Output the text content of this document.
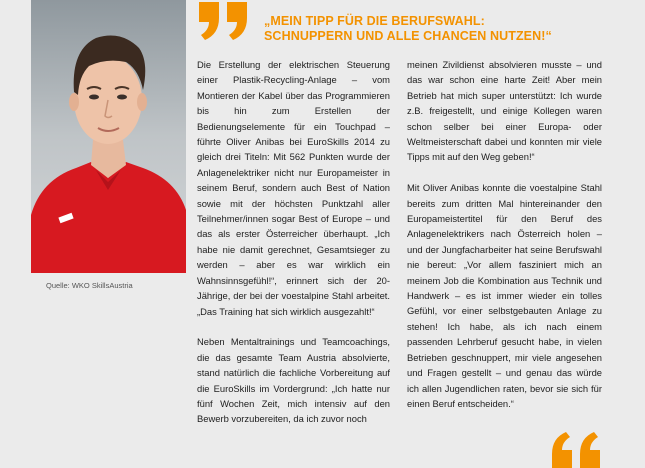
Quelle: WKO SkillsAustria
„MEIN TIPP FÜR DIE BERUFSWAHL:
SCHNUPPERN UND ALLE CHANCEN NUTZEN!“

Die Erstellung der elektrischen Steuerung einer Plastik-Recycling-Anlage – vom Montieren der Kabel über das Programmieren bis hin zum Erstellen der Bedienungselemente für ein Touchpad – führte Oliver Anibas bei EuroSkills 2014 zu gleich drei Titeln: Mit 562 Punkten wurde der Anlagenelektriker nicht nur Europameister in seinem Beruf, sondern auch Best of Nation sowie mit der höchsten Punktzahl aller Teilnehmer/innen sogar Best of Europe – und das als erster Österreicher überhaupt. „Ich habe nie damit gerechnet, Gesamtsieger zu werden – aber es war wirklich ein Wahnsinnsgefühl!“, erinnert sich der 20-Jährige, der bei der voestalpine Stahl arbeitet. „Das Training hat sich wirklich ausgezahlt!“

Neben Mentaltrainings und Teamcoachings, die das gesamte Team Austria absolvierte, stand natürlich die fachliche Vorbereitung auf die EuroSkills im Vordergrund: „Ich hatte nur fünf Wochen Zeit, mich intensiv auf den Bewerb vorzubereiten, da ich zuvor noch

meinen Zivildienst absolvieren musste – und das war schon eine harte Zeit! Aber mein Betrieb hat mich super unterstützt: Ich wurde z.B. freigestellt, und einige Kollegen waren schon selber bei einer Europa- oder Weltmeisterschaft dabei und konnten mir viele Tipps mit auf den Weg geben!“

Mit Oliver Anibas konnte die voestalpine Stahl bereits zum dritten Mal hintereinander den Europameistertitel für den Beruf des Anlagenelektrikers nach Österreich holen – und der Jungfacharbeiter hat seine Berufswahl nie bereut: „Vor allem fasziniert mich an meinem Job die Kombination aus Technik und Handwerk – es ist immer wieder ein tolles Gefühl, vor einer selbstgebauten Anlage zu stehen! Ich habe, als ich nach einem passenden Lehrberuf gesucht habe, in vielen Betrieben geschnuppert, mir viele angesehen und Fragen gestellt – und genau das würde ich allen Jugendlichen raten, bevor sie sich für einen Beruf entscheiden.“
